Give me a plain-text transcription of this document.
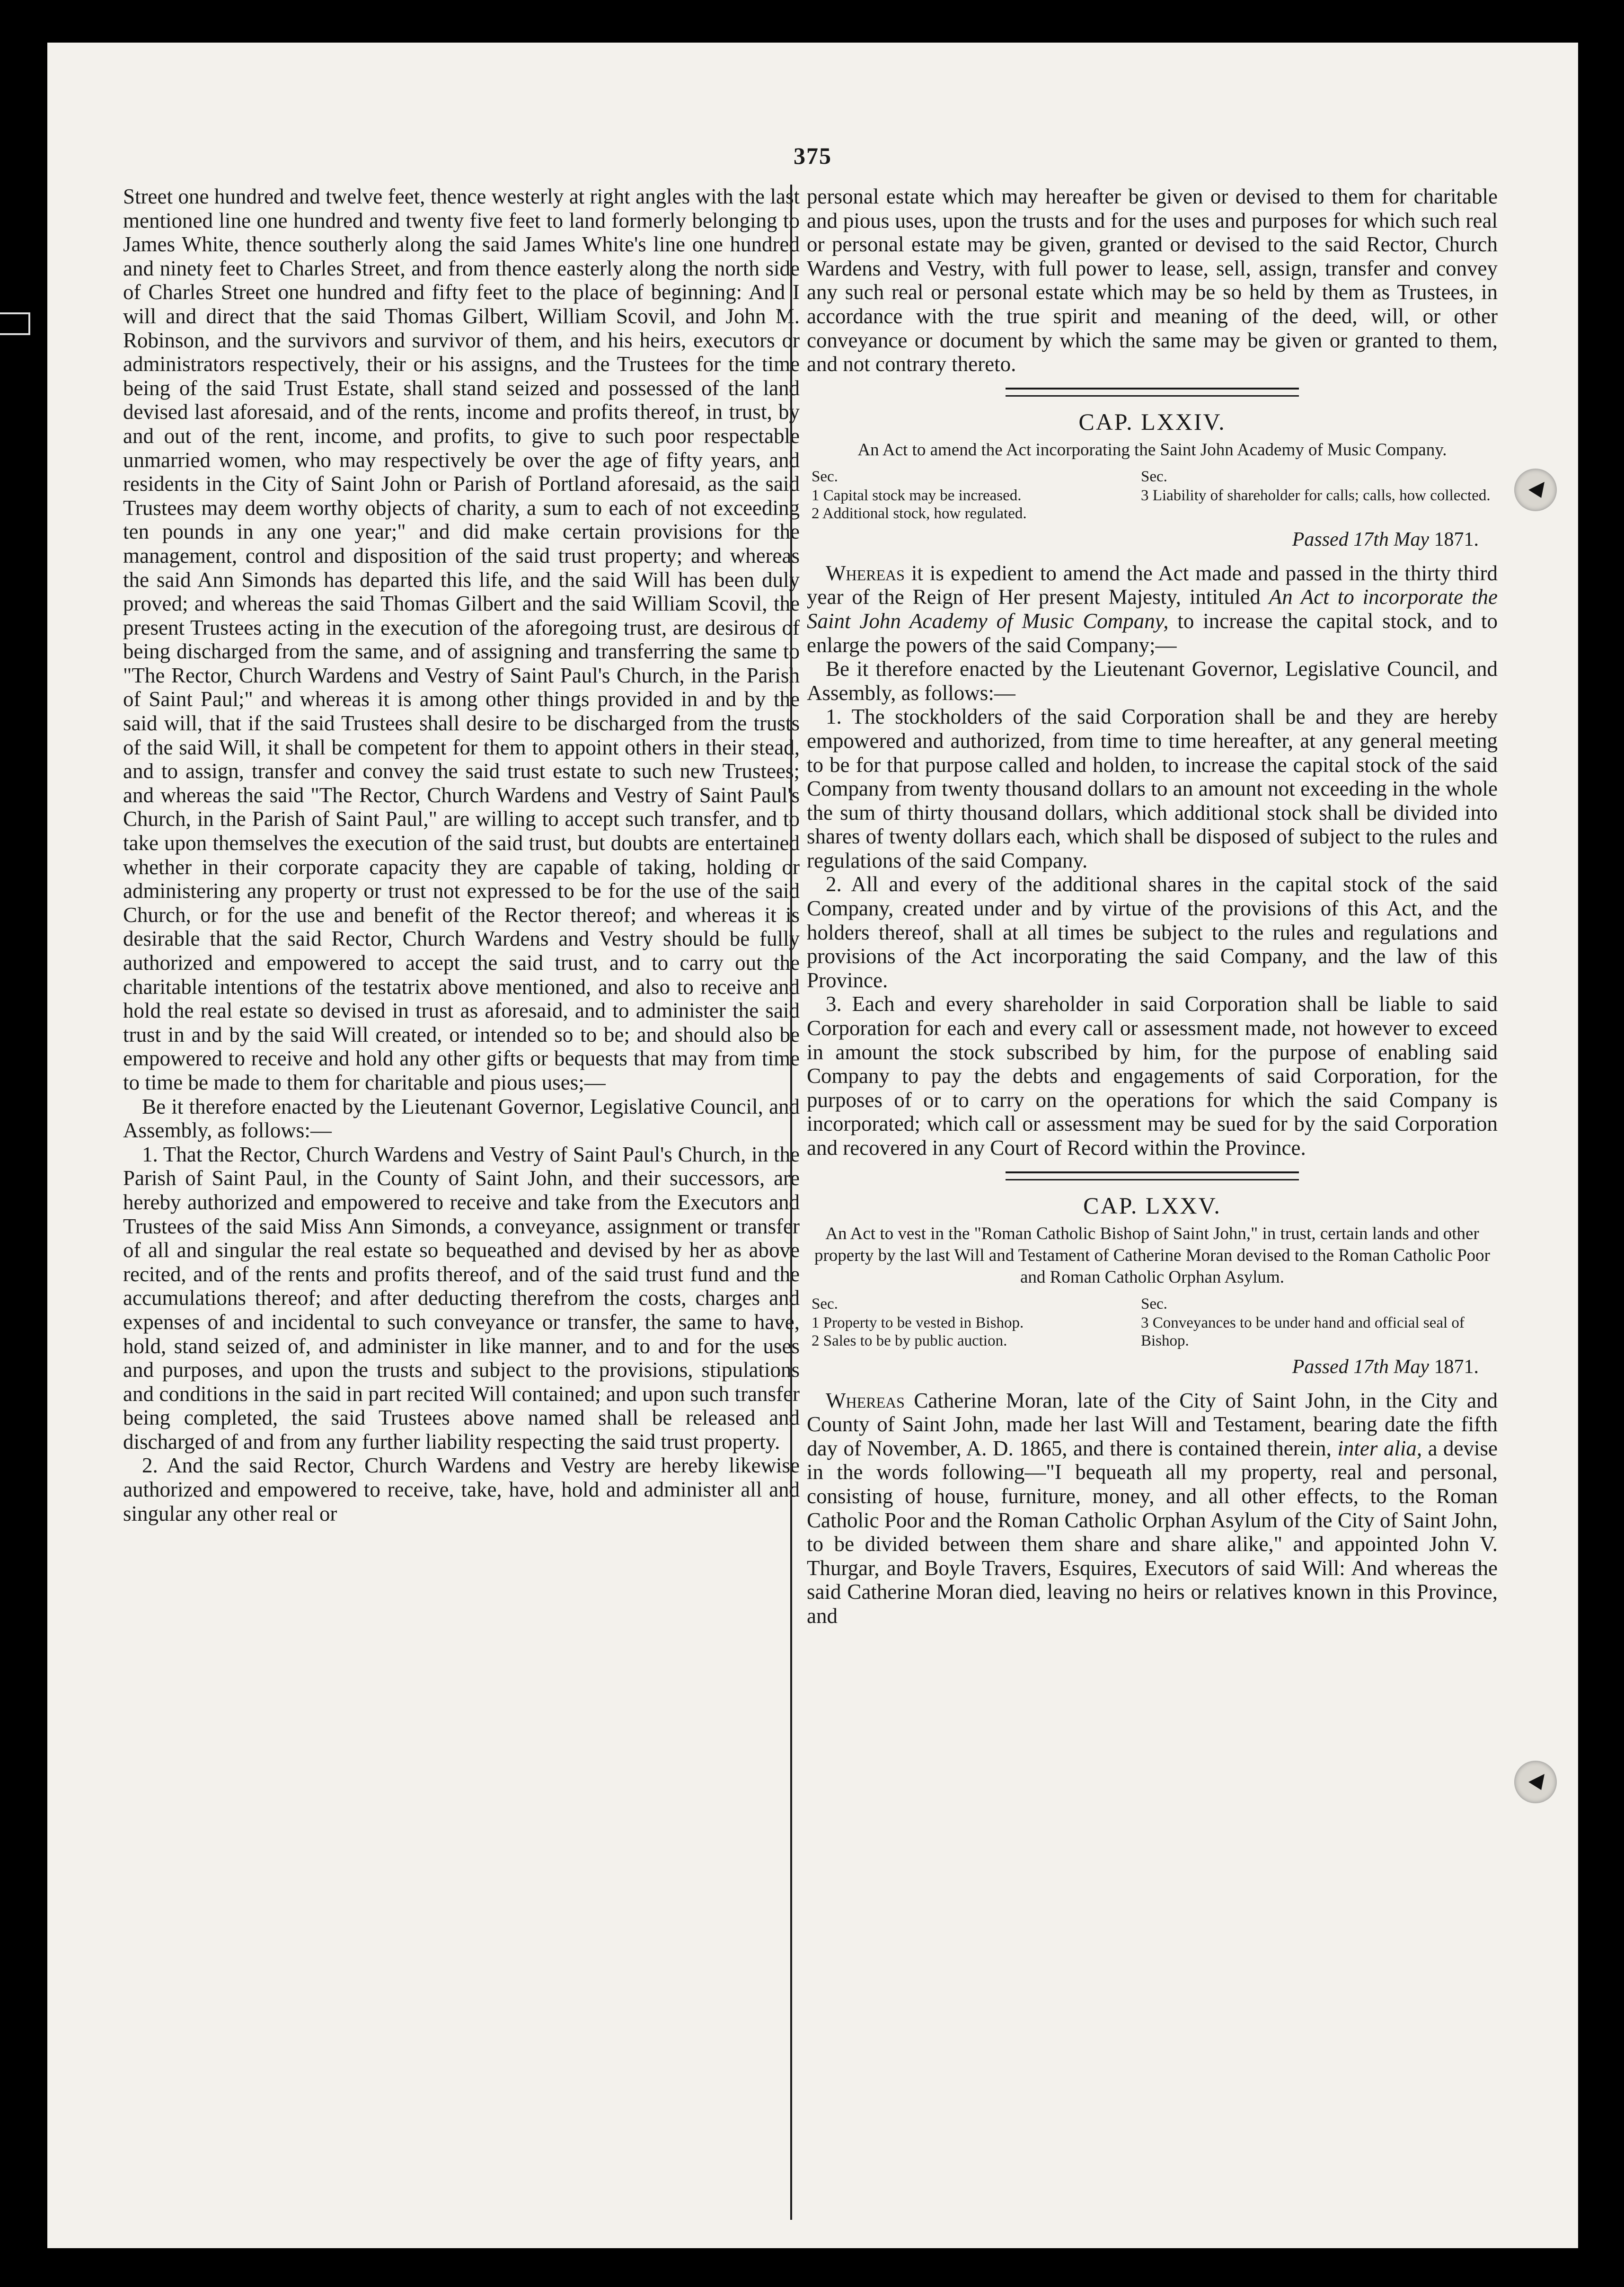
375

Street one hundred and twelve feet, thence westerly at right angles with the last mentioned line one hundred and twenty five feet to land formerly belonging to James White, thence southerly along the said James White's line one hundred and ninety feet to Charles Street, and from thence easterly along the north side of Charles Street one hundred and fifty feet to the place of beginning: And I will and direct that the said Thomas Gilbert, William Scovil, and John M. Robinson, and the survivors and survivor of them, and his heirs, executors or administrators respectively, their or his assigns, and the Trustees for the time being of the said Trust Estate, shall stand seized and possessed of the land devised last aforesaid, and of the rents, income and profits thereof, in trust, by and out of the rent, income, and profits, to give to such poor respectable unmarried women, who may respectively be over the age of fifty years, and residents in the City of Saint John or Parish of Portland aforesaid, as the said Trustees may deem worthy objects of charity, a sum to each of not exceeding ten pounds in any one year;" and did make certain provisions for the management, control and disposition of the said trust property; and whereas the said Ann Simonds has departed this life, and the said Will has been duly proved; and whereas the said Thomas Gilbert and the said William Scovil, the present Trustees acting in the execution of the aforegoing trust, are desirous of being discharged from the same, and of assigning and transferring the same to "The Rector, Church Wardens and Vestry of Saint Paul's Church, in the Parish of Saint Paul;" and whereas it is among other things provided in and by the said will, that if the said Trustees shall desire to be discharged from the trusts of the said Will, it shall be competent for them to appoint others in their stead, and to assign, transfer and convey the said trust estate to such new Trustees; and whereas the said "The Rector, Church Wardens and Vestry of Saint Paul's Church, in the Parish of Saint Paul," are willing to accept such transfer, and to take upon themselves the execution of the said trust, but doubts are entertained whether in their corporate capacity they are capable of taking, holding or administering any property or trust not expressed to be for the use of the said Church, or for the use and benefit of the Rector thereof; and whereas it is desirable that the said Rector, Church Wardens and Vestry should be fully authorized and empowered to accept the said trust, and to carry out the charitable intentions of the testatrix above mentioned, and also to receive and hold the real estate so devised in trust as aforesaid, and to administer the said trust in and by the said Will created, or intended so to be; and should also be empowered to receive and hold any other gifts or bequests that may from time to time be made to them for charitable and pious uses;—

Be it therefore enacted by the Lieutenant Governor, Legislative Council, and Assembly, as follows:—

1. That the Rector, Church Wardens and Vestry of Saint Paul's Church, in the Parish of Saint Paul, in the County of Saint John, and their successors, are hereby authorized and empowered to receive and take from the Executors and Trustees of the said Miss Ann Simonds, a conveyance, assignment or transfer of all and singular the real estate so bequeathed and devised by her as above recited, and of the rents and profits thereof, and of the said trust fund and the accumulations thereof; and after deducting therefrom the costs, charges and expenses of and incidental to such conveyance or transfer, the same to have, hold, stand seized of, and administer in like manner, and to and for the uses and purposes, and upon the trusts and subject to the provisions, stipulations and conditions in the said in part recited Will contained; and upon such transfer being completed, the said Trustees above named shall be released and discharged of and from any further liability respecting the said trust property.

2. And the said Rector, Church Wardens and Vestry are hereby likewise authorized and empowered to receive, take, have, hold and administer all and singular any other real or

personal estate which may hereafter be given or devised to them for charitable and pious uses, upon the trusts and for the uses and purposes for which such real or personal estate may be given, granted or devised to the said Rector, Church Wardens and Vestry, with full power to lease, sell, assign, transfer and convey any such real or personal estate which may be so held by them as Trustees, in accordance with the true spirit and meaning of the deed, will, or other conveyance or document by which the same may be given or granted to them, and not contrary thereto.

CAP. LXXIV.
An Act to amend the Act incorporating the Saint John Academy of Music Company.
Sec.
1 Capital stock may be increased.
2 Additional stock, how regulated.
Sec.
3 Liability of shareholder for calls; calls, how collected.
Passed 17th May 1871.

Whereas it is expedient to amend the Act made and passed in the thirty third year of the Reign of Her present Majesty, intituled An Act to incorporate the Saint John Academy of Music Company, to increase the capital stock, and to enlarge the powers of the said Company;—

Be it therefore enacted by the Lieutenant Governor, Legislative Council, and Assembly, as follows:—

1. The stockholders of the said Corporation shall be and they are hereby empowered and authorized, from time to time hereafter, at any general meeting to be for that purpose called and holden, to increase the capital stock of the said Company from twenty thousand dollars to an amount not exceeding in the whole the sum of thirty thousand dollars, which additional stock shall be divided into shares of twenty dollars each, which shall be disposed of subject to the rules and regulations of the said Company.

2. All and every of the additional shares in the capital stock of the said Company, created under and by virtue of the provisions of this Act, and the holders thereof, shall at all times be subject to the rules and regulations and provisions of the Act incorporating the said Company, and the law of this Province.

3. Each and every shareholder in said Corporation shall be liable to said Corporation for each and every call or assessment made, not however to exceed in amount the stock subscribed by him, for the purpose of enabling said Company to pay the debts and engagements of said Corporation, for the purposes of or to carry on the operations for which the said Company is incorporated; which call or assessment may be sued for by the said Corporation and recovered in any Court of Record within the Province.

CAP. LXXV.
An Act to vest in the "Roman Catholic Bishop of Saint John," in trust, certain lands and other property by the last Will and Testament of Catherine Moran devised to the Roman Catholic Poor and Roman Catholic Orphan Asylum.
Sec.
1 Property to be vested in Bishop.
2 Sales to be by public auction.
Sec.
3 Conveyances to be under hand and official seal of Bishop.
Passed 17th May 1871.

Whereas Catherine Moran, late of the City of Saint John, in the City and County of Saint John, made her last Will and Testament, bearing date the fifth day of November, A. D. 1865, and there is contained therein, inter alia, a devise in the words following—"I bequeath all my property, real and personal, consisting of house, furniture, money, and all other effects, to the Roman Catholic Poor and the Roman Catholic Orphan Asylum of the City of Saint John, to be divided between them share and share alike," and appointed John V. Thurgar, and Boyle Travers, Esquires, Executors of said Will: And whereas the said Catherine Moran died, leaving no heirs or relatives known in this Province, and
